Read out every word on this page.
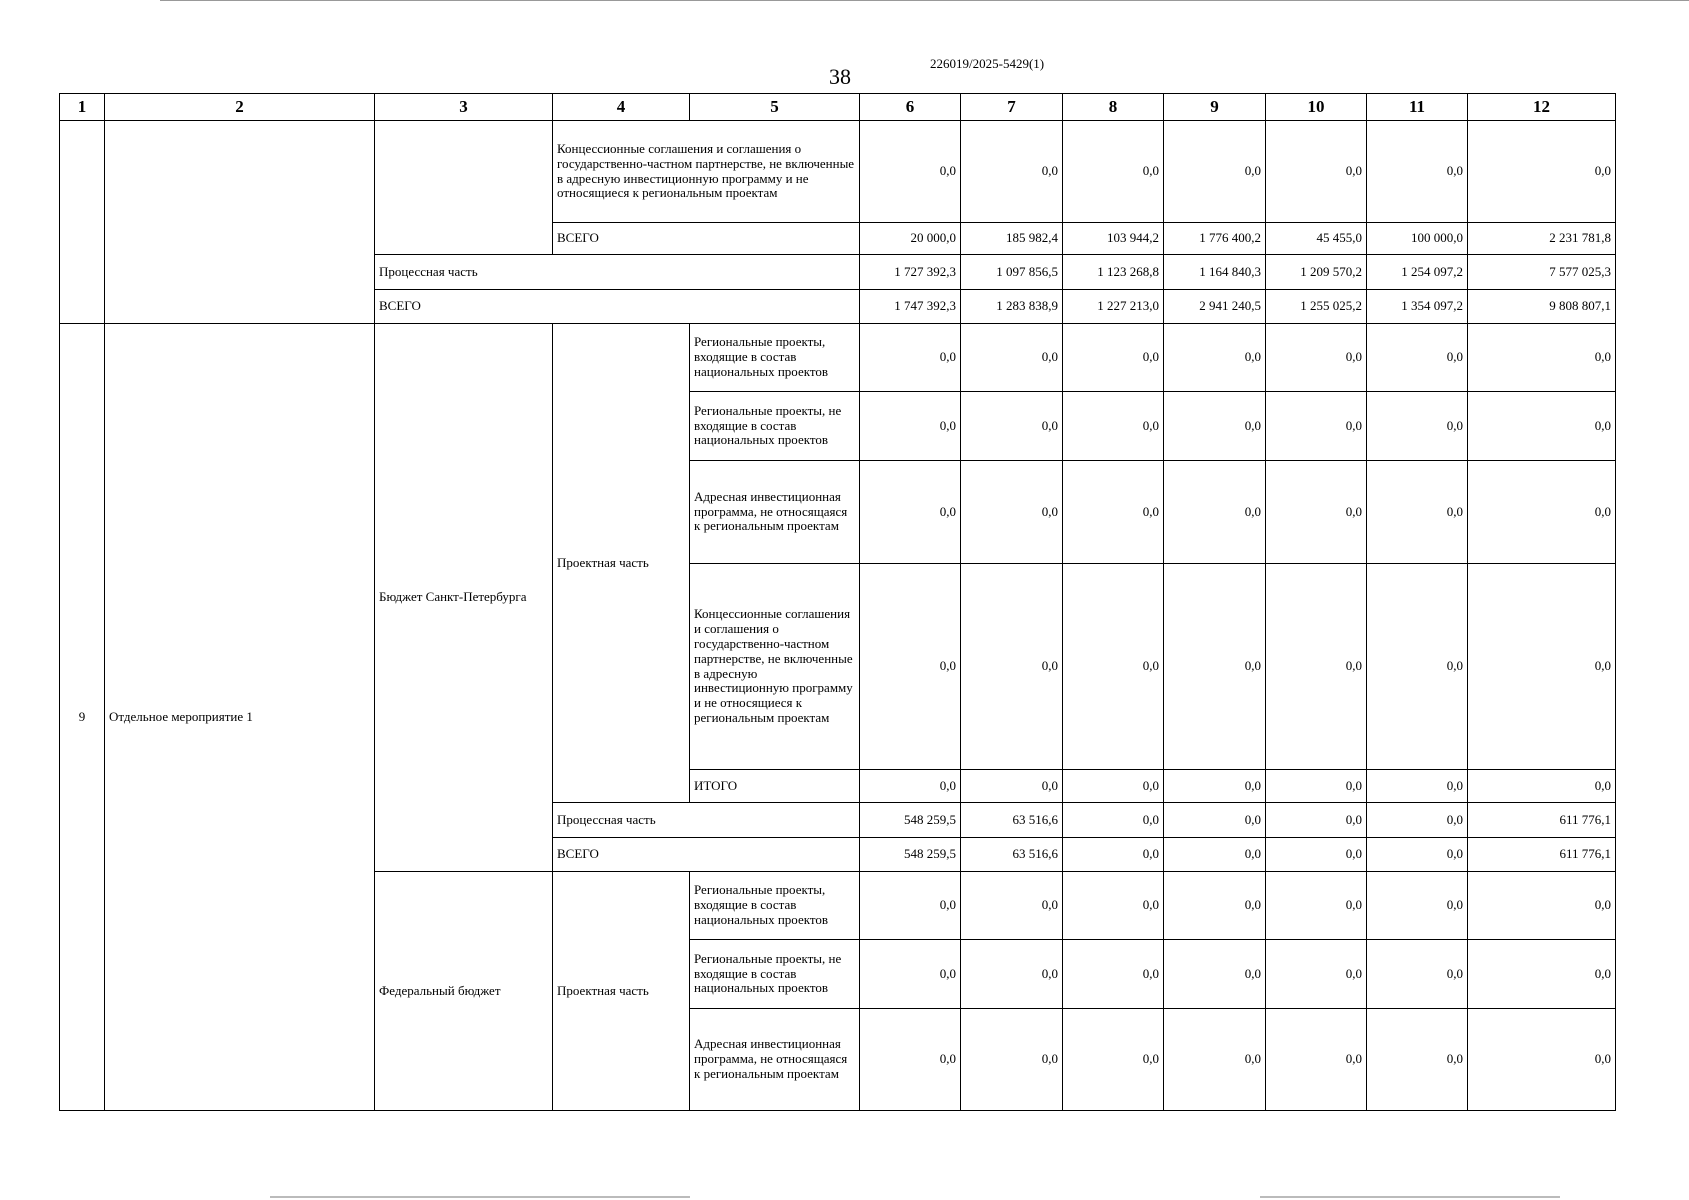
38
226019/2025-5429(1)
1	2	3	4	5	6	7	8	9	10	11	12
			Концессионные соглашения и соглашения о государственно-частном партнерстве, не включенные в адресную инвестиционную программу и не относящиеся к региональным проектам		0,0	0,0	0,0	0,0	0,0	0,0	0,0
			ВСЕГО		20 000,0	185 982,4	103 944,2	1 776 400,2	45 455,0	100 000,0	2 231 781,8
		Процессная часть			1 727 392,3	1 097 856,5	1 123 268,8	1 164 840,3	1 209 570,2	1 254 097,2	7 577 025,3
		ВСЕГО			1 747 392,3	1 283 838,9	1 227 213,0	2 941 240,5	1 255 025,2	1 354 097,2	9 808 807,1
9	Отдельное мероприятие 1	Бюджет Санкт-Петербурга	Проектная часть	Региональные проекты, входящие в состав национальных проектов	0,0	0,0	0,0	0,0	0,0	0,0	0,0
				Региональные проекты, не входящие в состав национальных проектов	0,0	0,0	0,0	0,0	0,0	0,0	0,0
				Адресная инвестиционная программа, не относящаяся к региональным проектам	0,0	0,0	0,0	0,0	0,0	0,0	0,0
				Концессионные соглашения и соглашения о государственно-частном партнерстве, не включенные в адресную инвестиционную программу и не относящиеся к региональным проектам	0,0	0,0	0,0	0,0	0,0	0,0	0,0
				ИТОГО	0,0	0,0	0,0	0,0	0,0	0,0	0,0
			Процессная часть		548 259,5	63 516,6	0,0	0,0	0,0	0,0	611 776,1
			ВСЕГО		548 259,5	63 516,6	0,0	0,0	0,0	0,0	611 776,1
		Федеральный бюджет	Проектная часть	Региональные проекты, входящие в состав национальных проектов	0,0	0,0	0,0	0,0	0,0	0,0	0,0
				Региональные проекты, не входящие в состав национальных проектов	0,0	0,0	0,0	0,0	0,0	0,0	0,0
				Адресная инвестиционная программа, не относящаяся к региональным проектам	0,0	0,0	0,0	0,0	0,0	0,0	0,0
